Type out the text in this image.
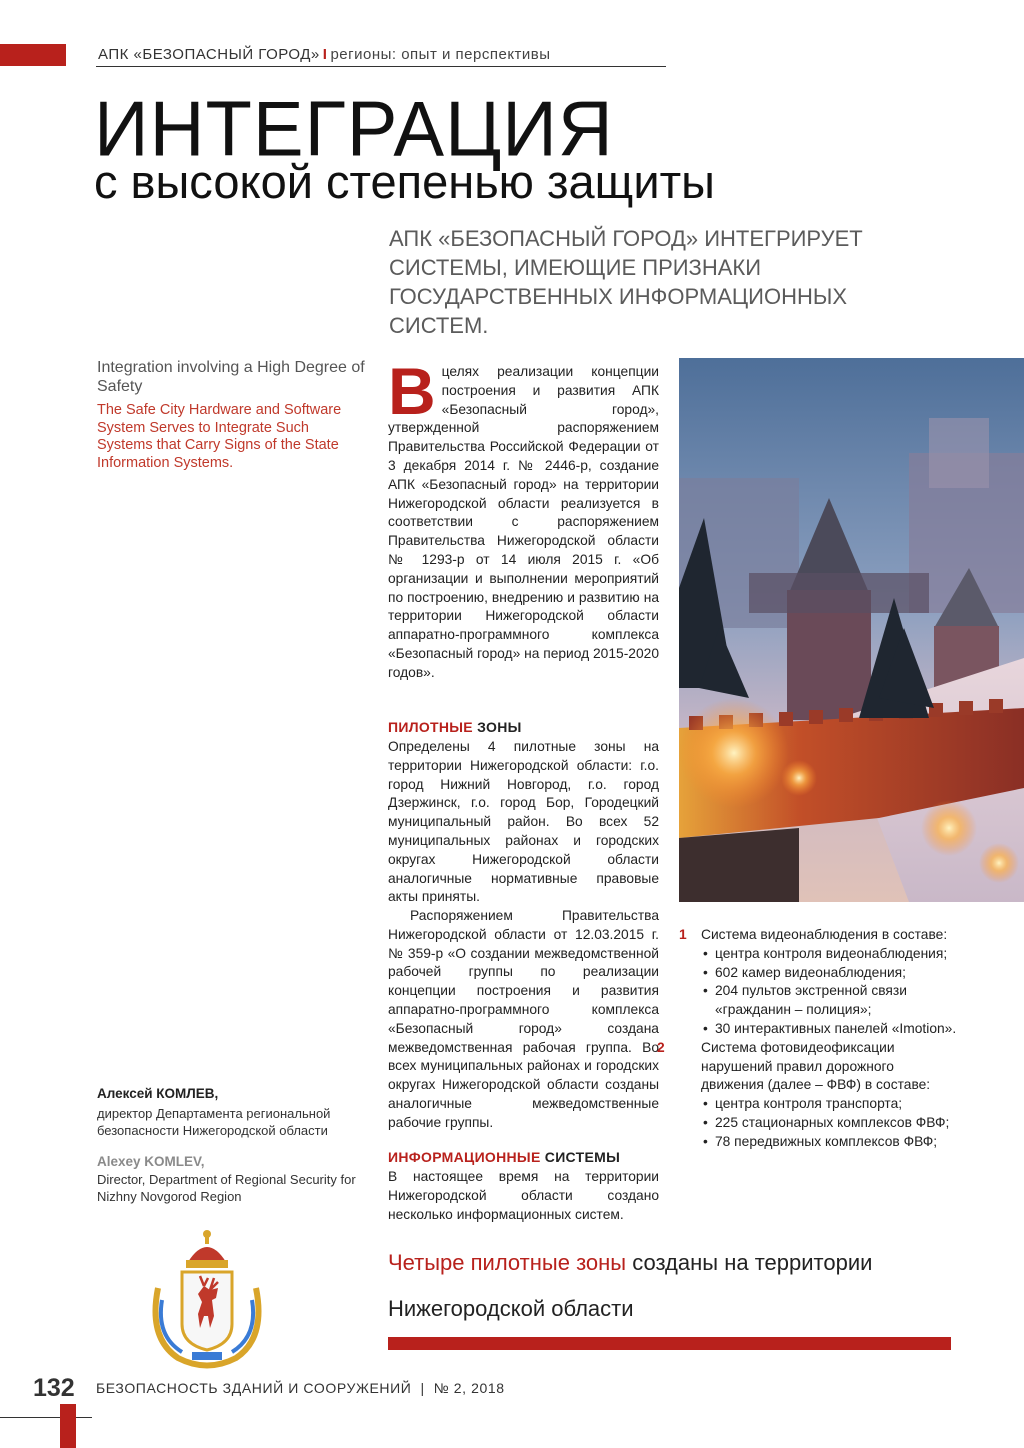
АПК «БЕЗОПАСНЫЙ ГОРОД» I регионы: опыт и перспективы
ИНТЕГРАЦИЯ
с высокой степенью защиты

АПК «БЕЗОПАСНЫЙ ГОРОД» ИНТЕГРИРУЕТ СИСТЕМЫ, ИМЕЮЩИЕ ПРИЗНАКИ ГОСУДАРСТВЕННЫХ ИНФОРМАЦИОННЫХ СИСТЕМ.

Integration involving a High Degree of Safety
The Safe City Hardware and Software System Serves to Integrate Such Systems that Carry Signs of the State Information Systems.

Вцелях реализации концепции построения и развития АПК «Безопасный город», утвержденной распоряжением Правительства Российской Федерации от 3 декабря 2014 г. № 2446-р, создание АПК «Безопасный город» на территории Нижегородской области реализуется в соответствии с распоряжением Правительства Нижегородской области № 1293-р от 14 июля 2015 г. «Об организации и выполнении мероприятий по построению, внедрению и развитию на территории Нижегородской области аппаратно-программного комплекса «Безопасный город» на период 2015-2020 годов».

ПИЛОТНЫЕ ЗОНЫ

Определены 4 пилотные зоны на территории Нижегородской области: г.о. город Нижний Новгород, г.о. город Дзержинск, г.о. город Бор, Городецкий муниципальный район. Во всех 52 муниципальных районах и городских округах Нижегородской области аналогичные нормативные правовые акты приняты.

Распоряжением Правительства Нижегородской области от 12.03.2015 г. № 359-р «О создании межведомственной рабочей группы по реализации концепции построения и развития аппаратно-программного комплекса «Безопасный город» создана межведомственная рабочая группа. Во всех муниципальных районах и городских округах Нижегородской области созданы аналогичные межведомственные рабочие группы.

ИНФОРМАЦИОННЫЕ СИСТЕМЫ

В настоящее время на территории Нижегородской области создано несколько информационных систем.

1 Система видеонаблюдения в составе:
• центра контроля видеонаблюдения;
• 602 камер видеонаблюдения;
• 204 пультов экстренной связи «гражданин – полиция»;
• 30 интерактивных панелей «Imotion».
2	Система фотовидеофиксации нарушений правил дорожного движения (далее – ФВФ) в составе:
• центра контроля транспорта;
• 225 стационарных комплексов ФВФ;
• 78 передвижных комплексов ФВФ;
Алексей КОМЛЕВ,
директор Департамента региональной безопасности Нижегородской области
Alexey KOMLEV,
Director, Department of Regional Security for Nizhny Novgorod Region
Четыре пилотные зоны созданы на территории Нижегородской области
132 БЕЗОПАСНОСТЬ ЗДАНИЙ И СООРУЖЕНИЙ | № 2, 2018
